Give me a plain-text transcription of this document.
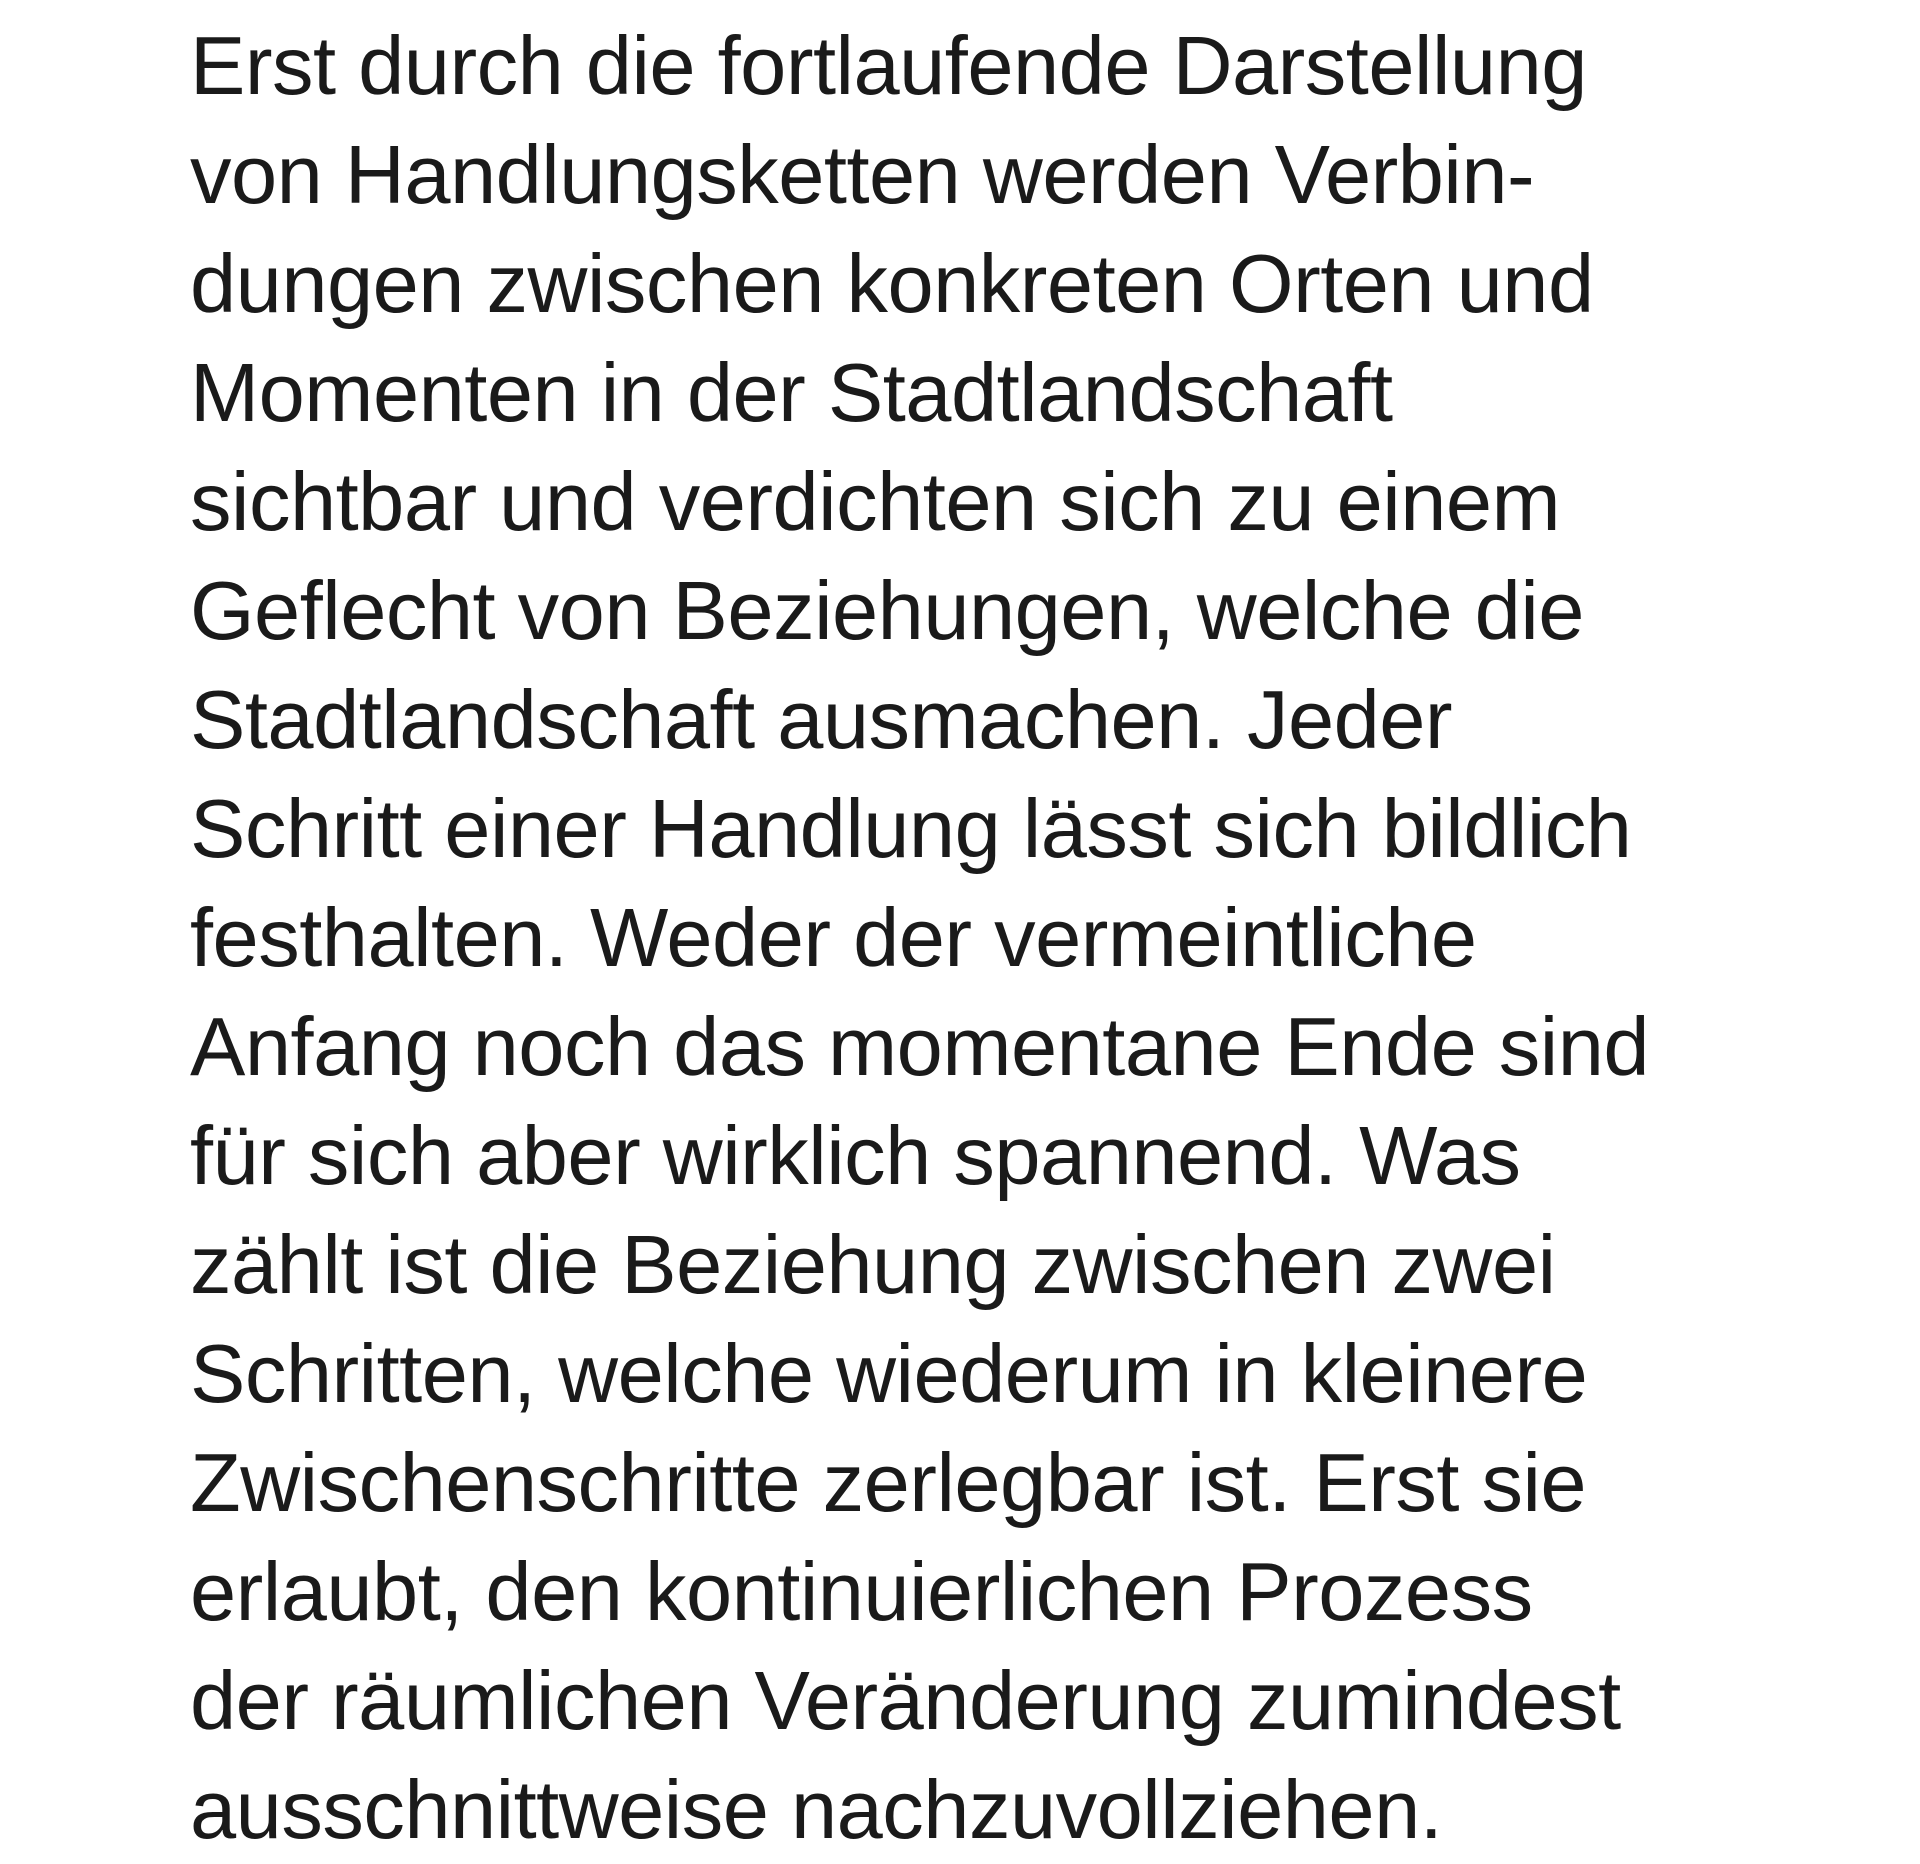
Erst durch die fortlaufende Darstellung
von Handlungsketten werden Verbin-
dungen zwischen konkreten Orten und
Momenten in der Stadtlandschaft
sichtbar und verdichten sich zu einem
Geflecht von Beziehungen, welche die
Stadtlandschaft ausmachen. Jeder
Schritt einer Handlung lässt sich bildlich
festhalten. Weder der vermeintliche
Anfang noch das momentane Ende sind
für sich aber wirklich spannend. Was
zählt ist die Beziehung zwischen zwei
Schritten, welche wiederum in kleinere
Zwischenschritte zerlegbar ist. Erst sie
erlaubt, den kontinuierlichen Prozess
der räumlichen Veränderung zumindest
ausschnittweise nachzuvollziehen.
